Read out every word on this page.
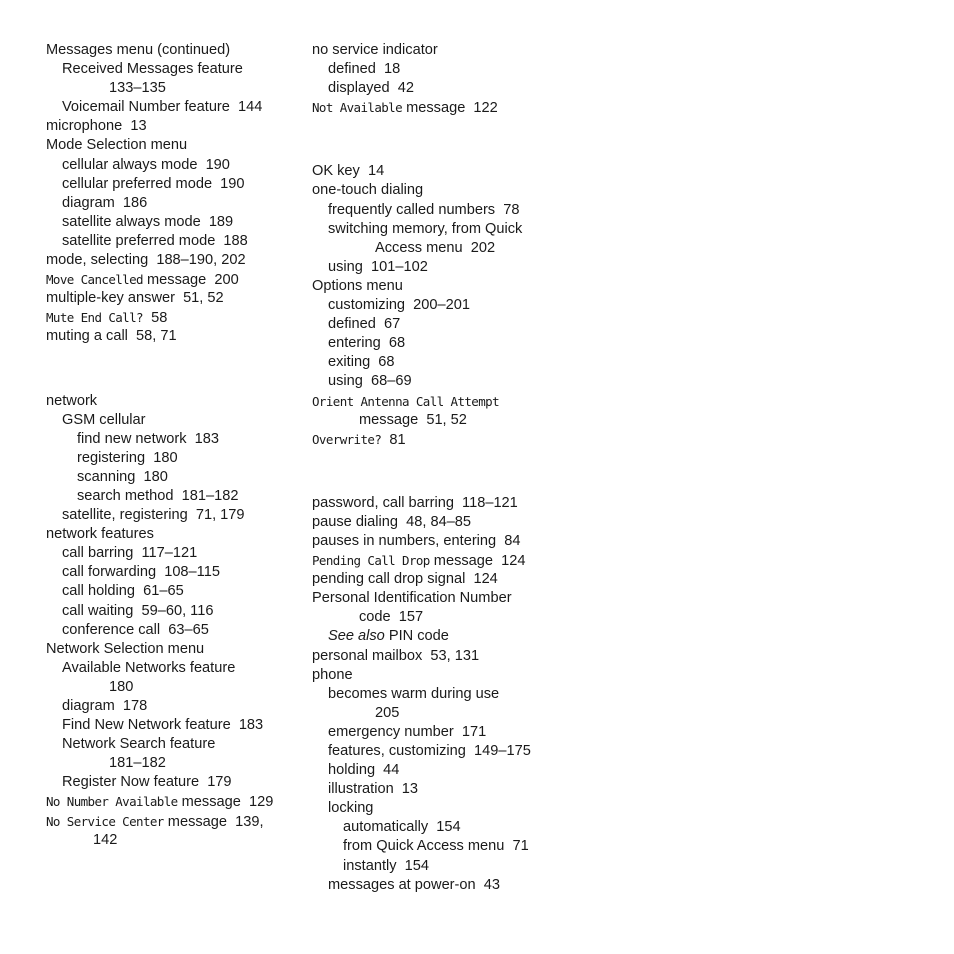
Messages menu (continued)
Received Messages feature
133–135
Voicemail Number feature  144
microphone  13
Mode Selection menu
cellular always mode  190
cellular preferred mode  190
diagram  186
satellite always mode  189
satellite preferred mode  188
mode, selecting  188–190, 202
Move Cancelled message  200
multiple-key answer  51, 52
Mute End Call?  58
muting a call  58, 71
network
GSM cellular
find new network  183
registering  180
scanning  180
search method  181–182
satellite, registering  71, 179
network features
call barring  117–121
call forwarding  108–115
call holding  61–65
call waiting  59–60, 116
conference call  63–65
Network Selection menu
Available Networks feature
180
diagram  178
Find New Network feature  183
Network Search feature
181–182
Register Now feature  179
No Number Available message  129
No Service Center message  139,
142
no service indicator
defined  18
displayed  42
Not Available message  122
OK key  14
one-touch dialing
frequently called numbers  78
switching memory, from Quick
Access menu  202
using  101–102
Options menu
customizing  200–201
defined  67
entering  68
exiting  68
using  68–69
Orient Antenna Call Attempt
message  51, 52
Overwrite?  81
password, call barring  118–121
pause dialing  48, 84–85
pauses in numbers, entering  84
Pending Call Drop message  124
pending call drop signal  124
Personal Identification Number
code  157
See also PIN code
personal mailbox  53, 131
phone
becomes warm during use
205
emergency number  171
features, customizing  149–175
holding  44
illustration  13
locking
automatically  154
from Quick Access menu  71
instantly  154
messages at power-on  43
